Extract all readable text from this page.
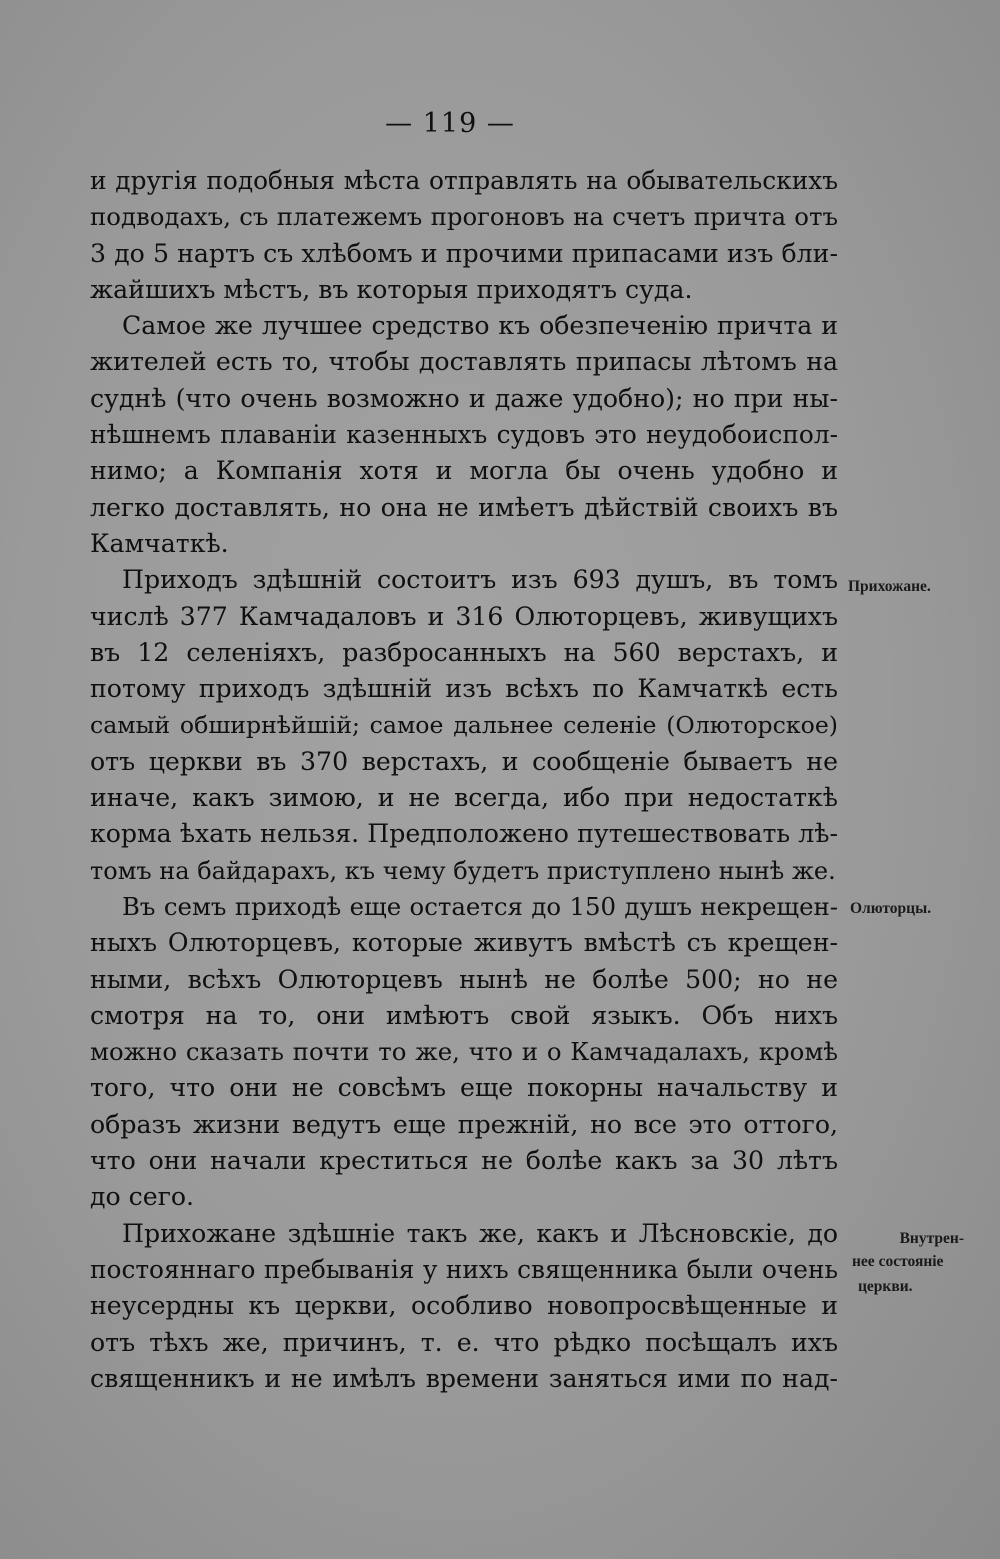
— 119 —
и другія подобныя мѣста отправлять на обывательскихъ
подводахъ, съ платежемъ прогоновъ на счетъ причта отъ
3 до 5 нартъ съ хлѣбомъ и прочими припасами изъ бли-
жайшихъ мѣстъ, въ которыя приходятъ суда.
Самое же лучшее средство къ обезпеченію причта и
жителей есть то, чтобы доставлять припасы лѣтомъ на
суднѣ (что очень возможно и даже удобно); но при ны-
нѣшнемъ плаваніи казенныхъ судовъ это неудобоиспол-
нимо; а Компанія хотя и могла бы очень удобно и
легко доставлять, но она не имѣетъ дѣйствій своихъ въ
Камчаткѣ.
Приходъ здѣшній состоитъ изъ 693 душъ, въ томъ
числѣ 377 Камчадаловъ и 316 Олюторцевъ, живущихъ
въ 12 селеніяхъ, разбросанныхъ на 560 верстахъ, и
потому приходъ здѣшній изъ всѣхъ по Камчаткѣ есть
самый обширнѣйшій; самое дальнее селеніе (Олюторское)
отъ церкви въ 370 верстахъ, и сообщеніе бываетъ не
иначе, какъ зимою, и не всегда, ибо при недостаткѣ
корма ѣхать нельзя. Предположено путешествовать лѣ-
томъ на байдарахъ, къ чему будетъ приступлено нынѣ же.
Въ семъ приходѣ еще остается до 150 душъ некрещен-
ныхъ Олюторцевъ, которые живутъ вмѣстѣ съ крещен-
ными, всѣхъ Олюторцевъ нынѣ не болѣе 500; но не
смотря на то, они имѣютъ свой языкъ. Объ нихъ
можно сказать почти то же, что и о Камчадалахъ, кромѣ
того, что они не совсѣмъ еще покорны начальству и
образъ жизни ведутъ еще прежній, но все это оттого,
что они начали креститься не болѣе какъ за 30 лѣтъ
до сего.
Прихожане здѣшніе такъ же, какъ и Лѣсновскіе, до
постояннаго пребыванія у нихъ священника были очень
неусердны къ церкви, особливо новопросвѣщенные и
отъ тѣхъ же, причинъ, т. е. что рѣдко посѣщалъ ихъ
священникъ и не имѣлъ времени заняться ими по над-
Прихожане.
Олюторцы.
Внутрен-
нее состояніе
церкви.
